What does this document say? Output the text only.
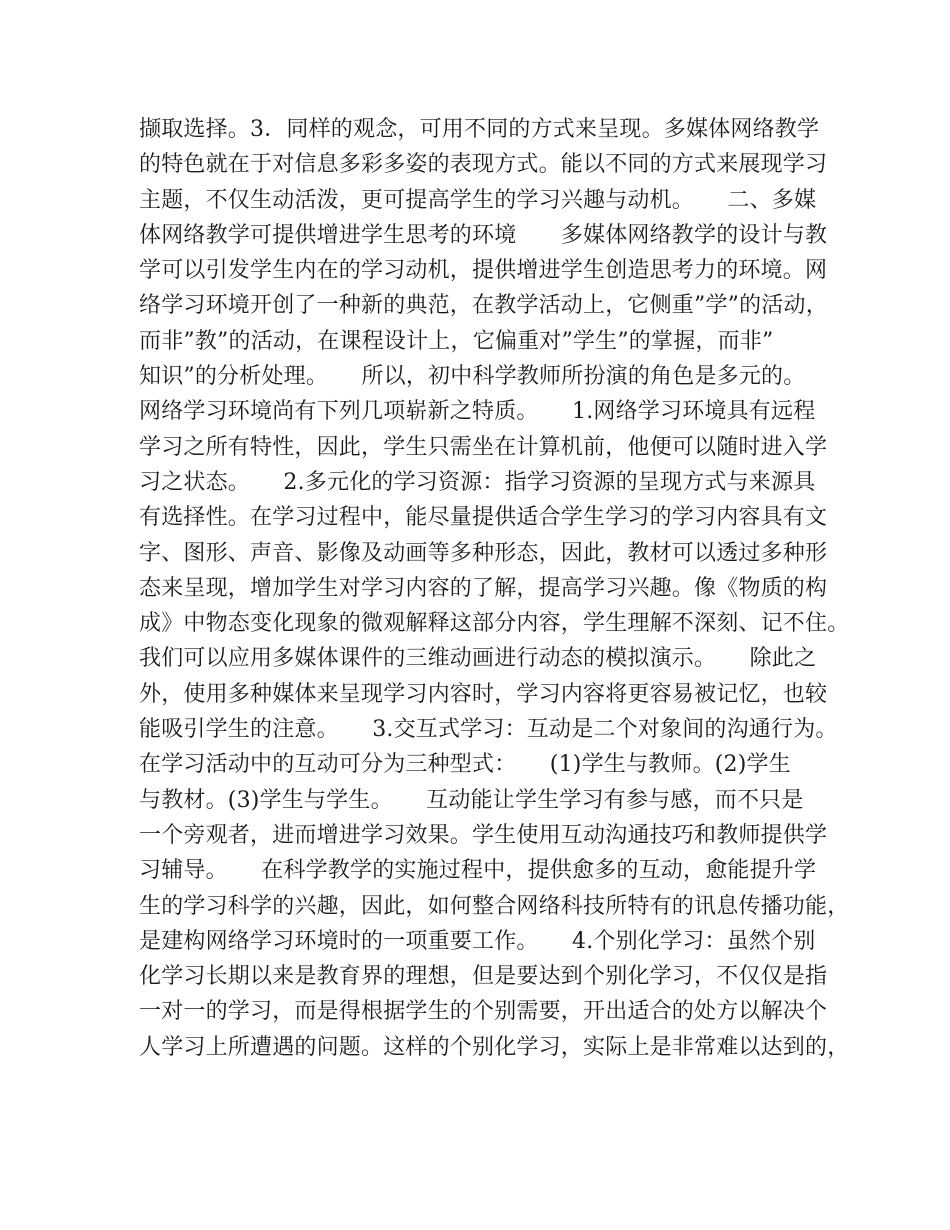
撷取选择。3．同样的观念，可用不同的方式来呈现。多媒体网络教学
的特色就在于对信息多彩多姿的表现方式。能以不同的方式来展现学习
主题，不仅生动活泼，更可提高学生的学习兴趣与动机。　　二、多媒
体网络教学可提供增进学生思考的环境　　多媒体网络教学的设计与教
学可以引发学生内在的学习动机，提供增进学生创造思考力的环境。网
络学习环境开创了一种新的典范，在教学活动上，它侧重”学”的活动，
而非”教”的活动，在课程设计上，它偏重对”学生”的掌握，而非”
知识”的分析处理。　　所以，初中科学教师所扮演的角色是多元的。
网络学习环境尚有下列几项崭新之特质。　　1.网络学习环境具有远程
学习之所有特性，因此，学生只需坐在计算机前，他便可以随时进入学
习之状态。　　2.多元化的学习资源：指学习资源的呈现方式与来源具
有选择性。在学习过程中，能尽量提供适合学生学习的学习内容具有文
字、图形、声音、影像及动画等多种形态，因此，教材可以透过多种形
态来呈现，增加学生对学习内容的了解，提高学习兴趣。像《物质的构
成》中物态变化现象的微观解释这部分内容，学生理解不深刻、记不住。
我们可以应用多媒体课件的三维动画进行动态的模拟演示。　　除此之
外，使用多种媒体来呈现学习内容时，学习内容将更容易被记忆，也较
能吸引学生的注意。　　3.交互式学习：互动是二个对象间的沟通行为。
在学习活动中的互动可分为三种型式：　　(1)学生与教师。(2)学生
与教材。(3)学生与学生。　　互动能让学生学习有参与感，而不只是
一个旁观者，进而增进学习效果。学生使用互动沟通技巧和教师提供学
习辅导。　　在科学教学的实施过程中，提供愈多的互动，愈能提升学
生的学习科学的兴趣，因此，如何整合网络科技所特有的讯息传播功能，
是建构网络学习环境时的一项重要工作。　　4.个别化学习：虽然个别
化学习长期以来是教育界的理想，但是要达到个别化学习，不仅仅是指
一对一的学习，而是得根据学生的个别需要，开出适合的处方以解决个
人学习上所遭遇的问题。这样的个别化学习，实际上是非常难以达到的，
